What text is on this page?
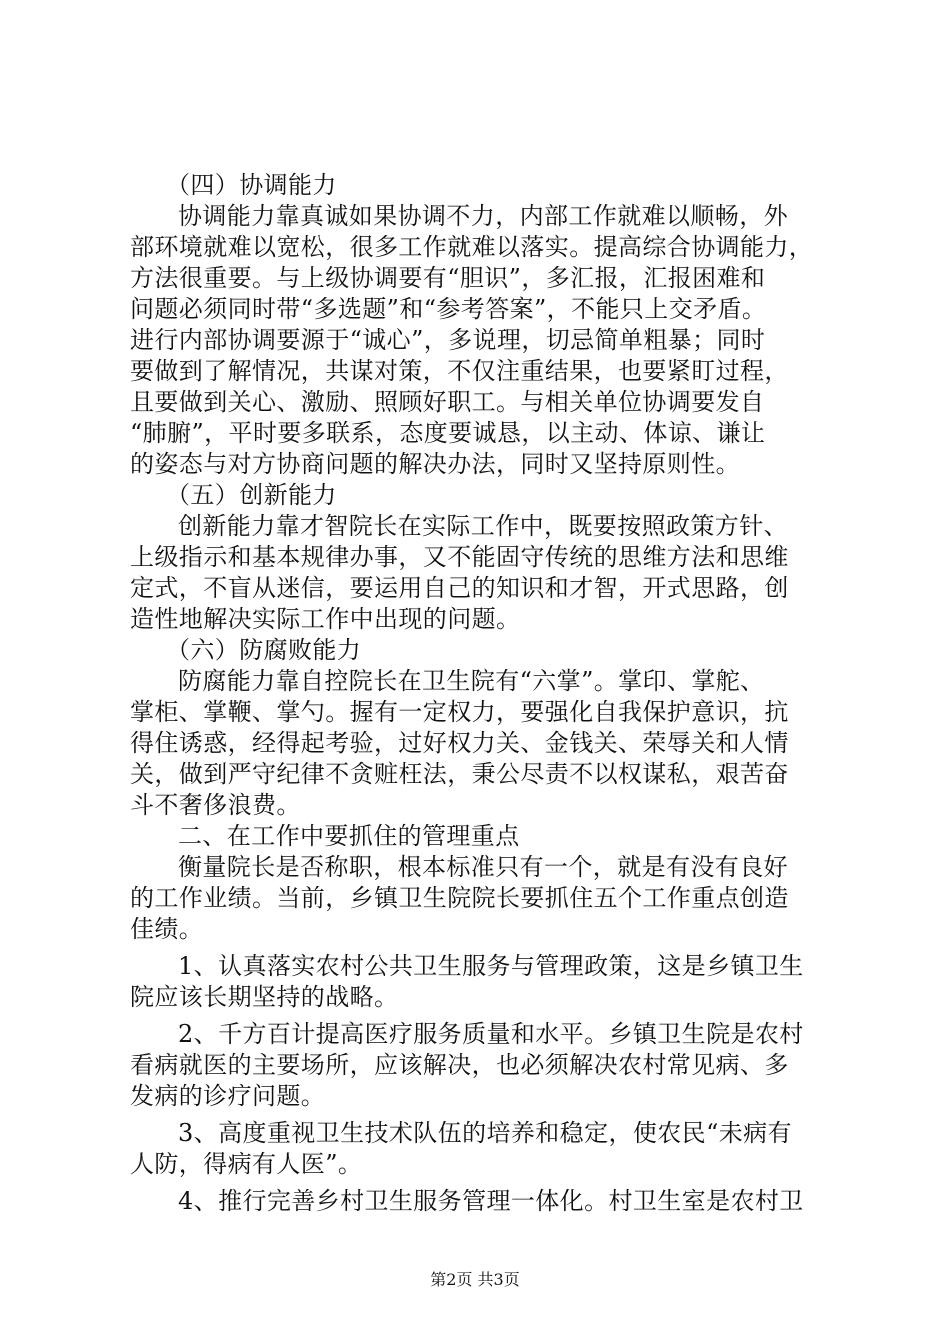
（四）协调能力
协调能力靠真诚如果协调不力，内部工作就难以顺畅，外
部环境就难以宽松，很多工作就难以落实。提高综合协调能力，
方法很重要。与上级协调要有“胆识”，多汇报，汇报困难和
问题必须同时带“多选题”和“参考答案”，不能只上交矛盾。
进行内部协调要源于“诚心”，多说理，切忌简单粗暴；同时
要做到了解情况，共谋对策，不仅注重结果，也要紧盯过程，
且要做到关心、激励、照顾好职工。与相关单位协调要发自
“肺腑”，平时要多联系，态度要诚恳，以主动、体谅、谦让
的姿态与对方协商问题的解决办法，同时又坚持原则性。
（五）创新能力
创新能力靠才智院长在实际工作中，既要按照政策方针、
上级指示和基本规律办事，又不能固守传统的思维方法和思维
定式，不盲从迷信，要运用自己的知识和才智，开式思路，创
造性地解决实际工作中出现的问题。
（六）防腐败能力
防腐能力靠自控院长在卫生院有“六掌”。掌印、掌舵、
掌柜、掌鞭、掌勺。握有一定权力，要强化自我保护意识，抗
得住诱惑，经得起考验，过好权力关、金钱关、荣辱关和人情
关，做到严守纪律不贪赃枉法，秉公尽责不以权谋私，艰苦奋
斗不奢侈浪费。
二、在工作中要抓住的管理重点
衡量院长是否称职，根本标准只有一个，就是有没有良好
的工作业绩。当前，乡镇卫生院院长要抓住五个工作重点创造
佳绩。
1、认真落实农村公共卫生服务与管理政策，这是乡镇卫生
院应该长期坚持的战略。
2、千方百计提高医疗服务质量和水平。乡镇卫生院是农村
看病就医的主要场所，应该解决，也必须解决农村常见病、多
发病的诊疗问题。
3、高度重视卫生技术队伍的培养和稳定，使农民“未病有
人防，得病有人医”。
4、推行完善乡村卫生服务管理一体化。村卫生室是农村卫
第2页 共3页
